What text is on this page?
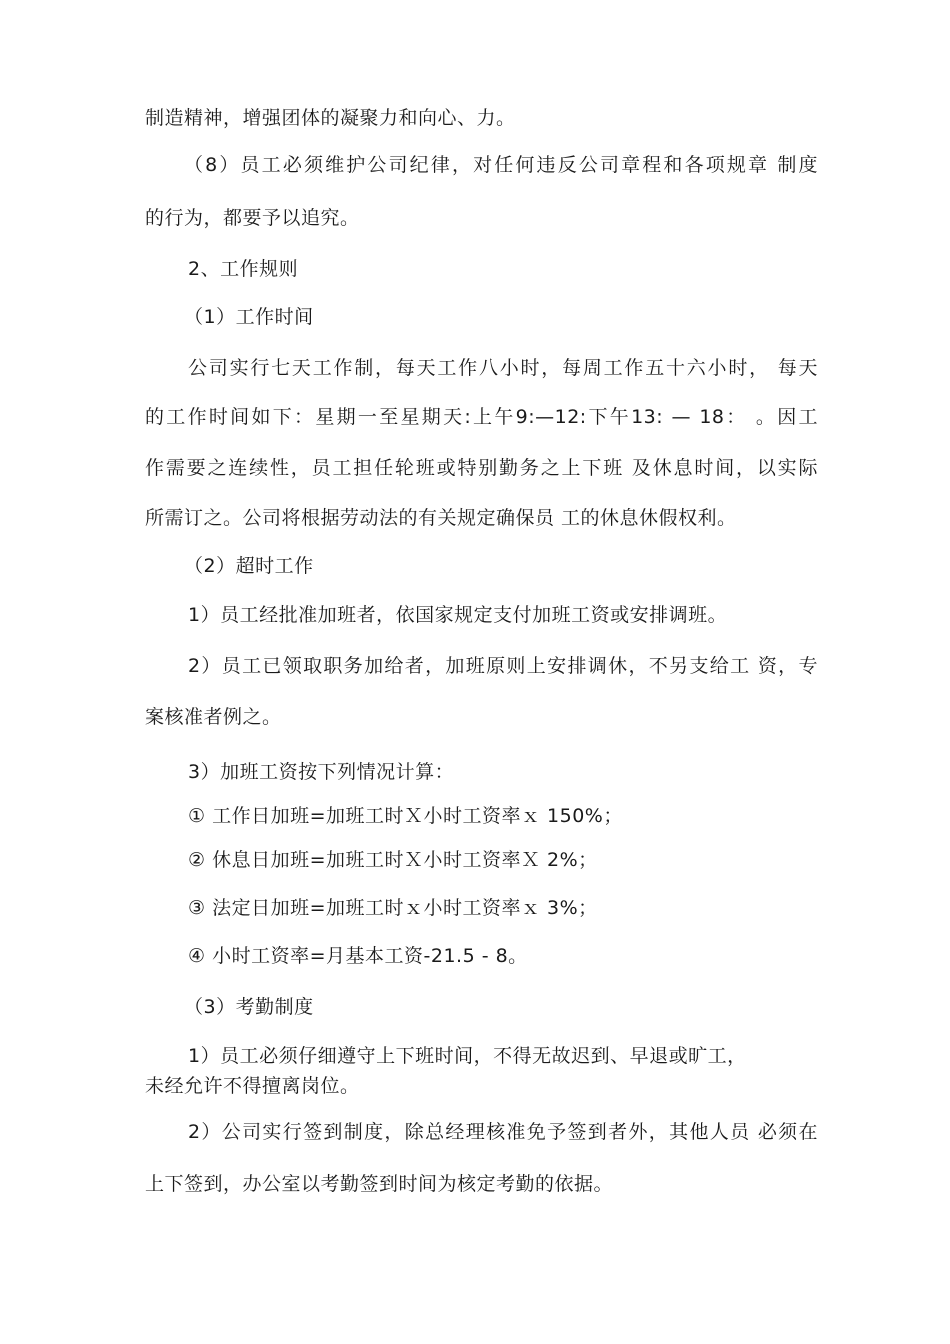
制造精神，增强团体的凝聚力和向心、力。

（8）员工必须维护公司纪律，对任何违反公司章程和各项规章 制度

的行为，都要予以追究。

2、工作规则

（1）工作时间

公司实行七天工作制，每天工作八小时，每周工作五十六小时， 每天

的工作时间如下：星期一至星期天:上午9:—12:下午13: — 18： 。因工

作需要之连续性，员工担任轮班或特别勤务之上下班 及休息时间，以实际

所需订之。公司将根据劳动法的有关规定确保员 工的休息休假权利。

（2）超时工作

1）员工经批准加班者，依国家规定支付加班工资或安排调班。

2）员工已领取职务加给者，加班原则上安排调休，不另支给工 资，专

案核准者例之。

3）加班工资按下列情况计算：

① 工作日加班=加班工时Ｘ小时工资率ｘ 150%；

② 休息日加班=加班工时Ｘ小时工资率Ｘ 2%；

③ 法定日加班=加班工时ｘ小时工资率ｘ 3%；

④ 小时工资率=月基本工资-21.5 - 8。

（3）考勤制度

1）员工必须仔细遵守上下班时间，不得无故迟到、早退或旷工，

未经允许不得擅离岗位。

2）公司实行签到制度，除总经理核准免予签到者外，其他人员 必须在

上下签到，办公室以考勤签到时间为核定考勤的依据。
